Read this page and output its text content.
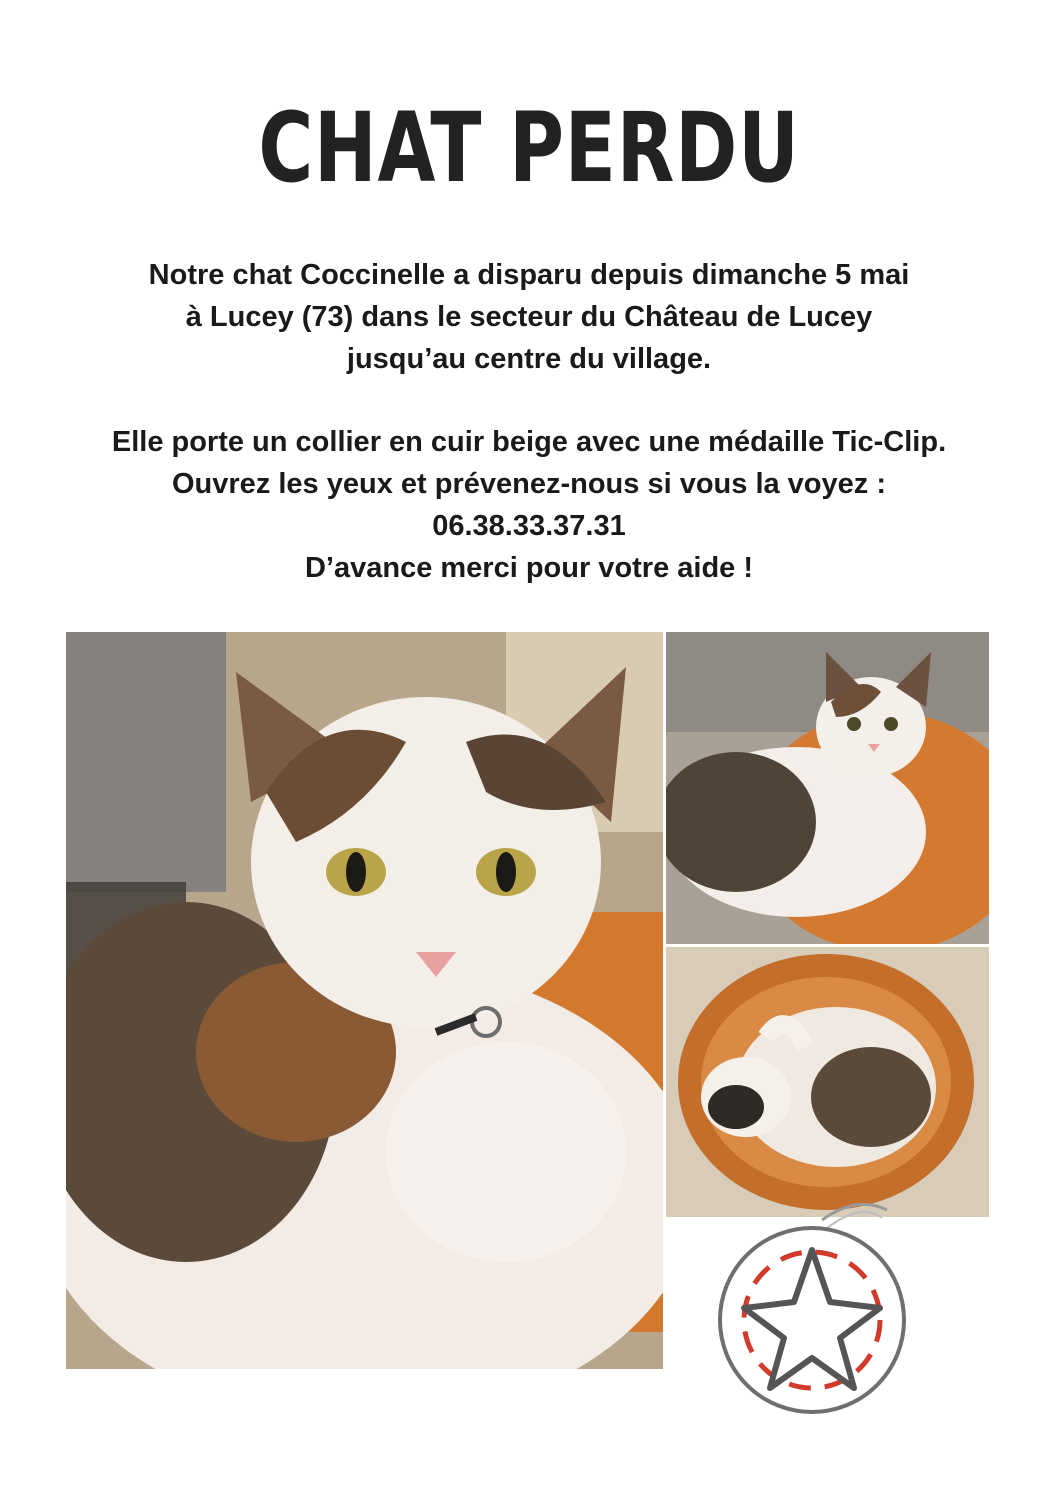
CHAT PERDU
Notre chat Coccinelle a disparu depuis dimanche 5 mai
à Lucey (73) dans le secteur du Château de Lucey
jusqu’au centre du village.
Elle porte un collier en cuir beige avec une médaille Tic-Clip.
Ouvrez les yeux et prévenez-nous si vous la voyez :
06.38.33.37.31
D’avance merci pour votre aide !
